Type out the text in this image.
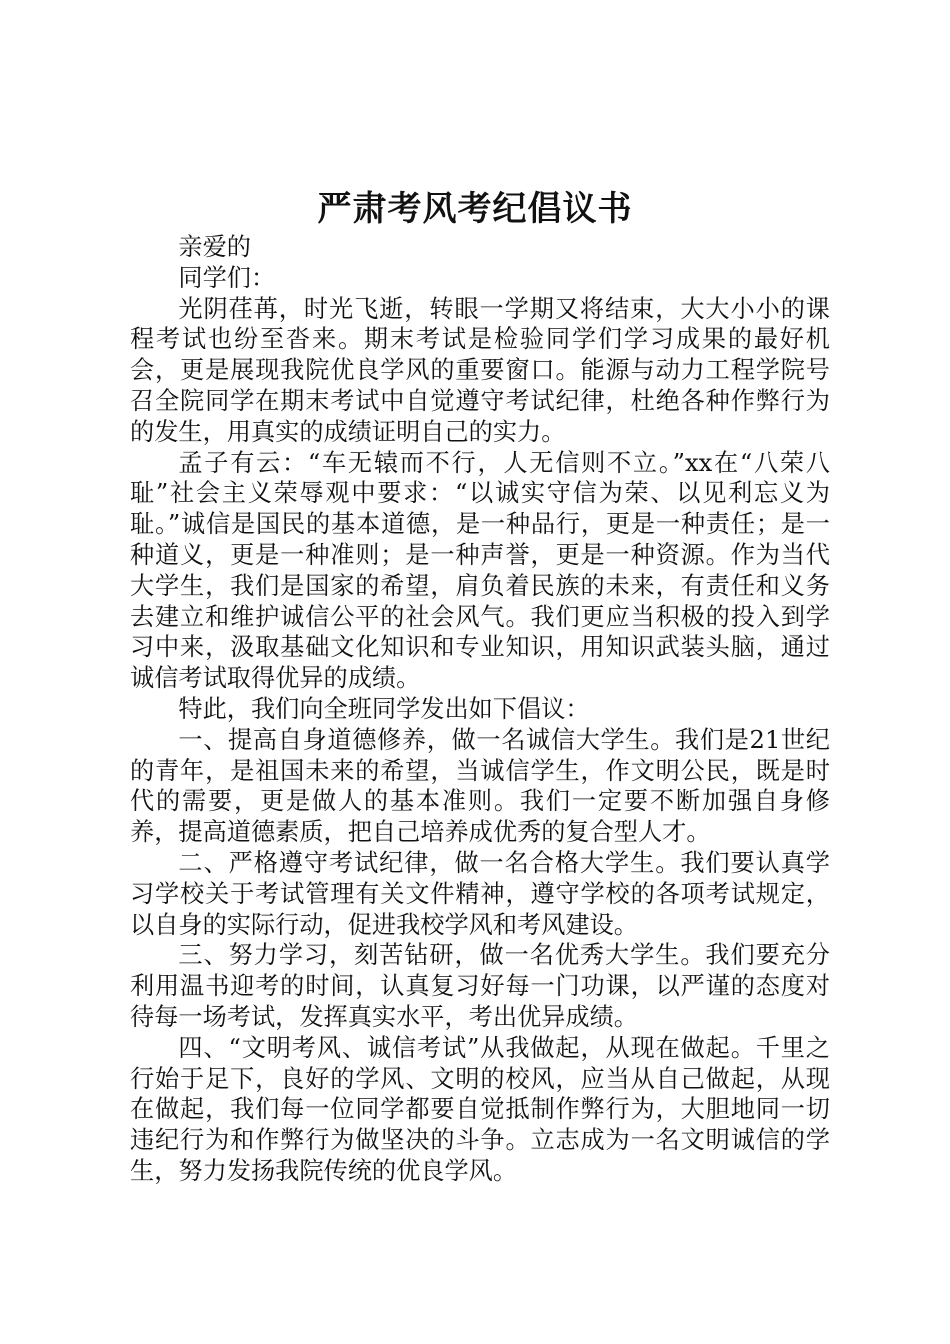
严肃考风考纪倡议书

亲爱的

同学们：

光阴荏苒，时光飞逝，转眼一学期又将结束，大大小小的课程考试也纷至沓来。期末考试是检验同学们学习成果的最好机会，更是展现我院优良学风的重要窗口。能源与动力工程学院号召全院同学在期末考试中自觉遵守考试纪律，杜绝各种作弊行为的发生，用真实的成绩证明自己的实力。

孟子有云：“车无辕而不行，人无信则不立。”xx在“八荣八耻”社会主义荣辱观中要求：“以诚实守信为荣、以见利忘义为耻。”诚信是国民的基本道德，是一种品行，更是一种责任；是一种道义，更是一种准则；是一种声誉，更是一种资源。作为当代大学生，我们是国家的希望，肩负着民族的未来，有责任和义务去建立和维护诚信公平的社会风气。我们更应当积极的投入到学习中来，汲取基础文化知识和专业知识，用知识武装头脑，通过诚信考试取得优异的成绩。

特此，我们向全班同学发出如下倡议：

一、提高自身道德修养，做一名诚信大学生。我们是21世纪的青年，是祖国未来的希望，当诚信学生，作文明公民，既是时代的需要，更是做人的基本准则。我们一定要不断加强自身修养，提高道德素质，把自己培养成优秀的复合型人才。

二、严格遵守考试纪律，做一名合格大学生。我们要认真学习学校关于考试管理有关文件精神，遵守学校的各项考试规定，以自身的实际行动，促进我校学风和考风建设。

三、努力学习，刻苦钻研，做一名优秀大学生。我们要充分利用温书迎考的时间，认真复习好每一门功课，以严谨的态度对待每一场考试，发挥真实水平，考出优异成绩。

四、“文明考风、诚信考试”从我做起，从现在做起。千里之行始于足下，良好的学风、文明的校风，应当从自己做起，从现在做起，我们每一位同学都要自觉抵制作弊行为，大胆地同一切违纪行为和作弊行为做坚决的斗争。立志成为一名文明诚信的学生，努力发扬我院传统的优良学风。
